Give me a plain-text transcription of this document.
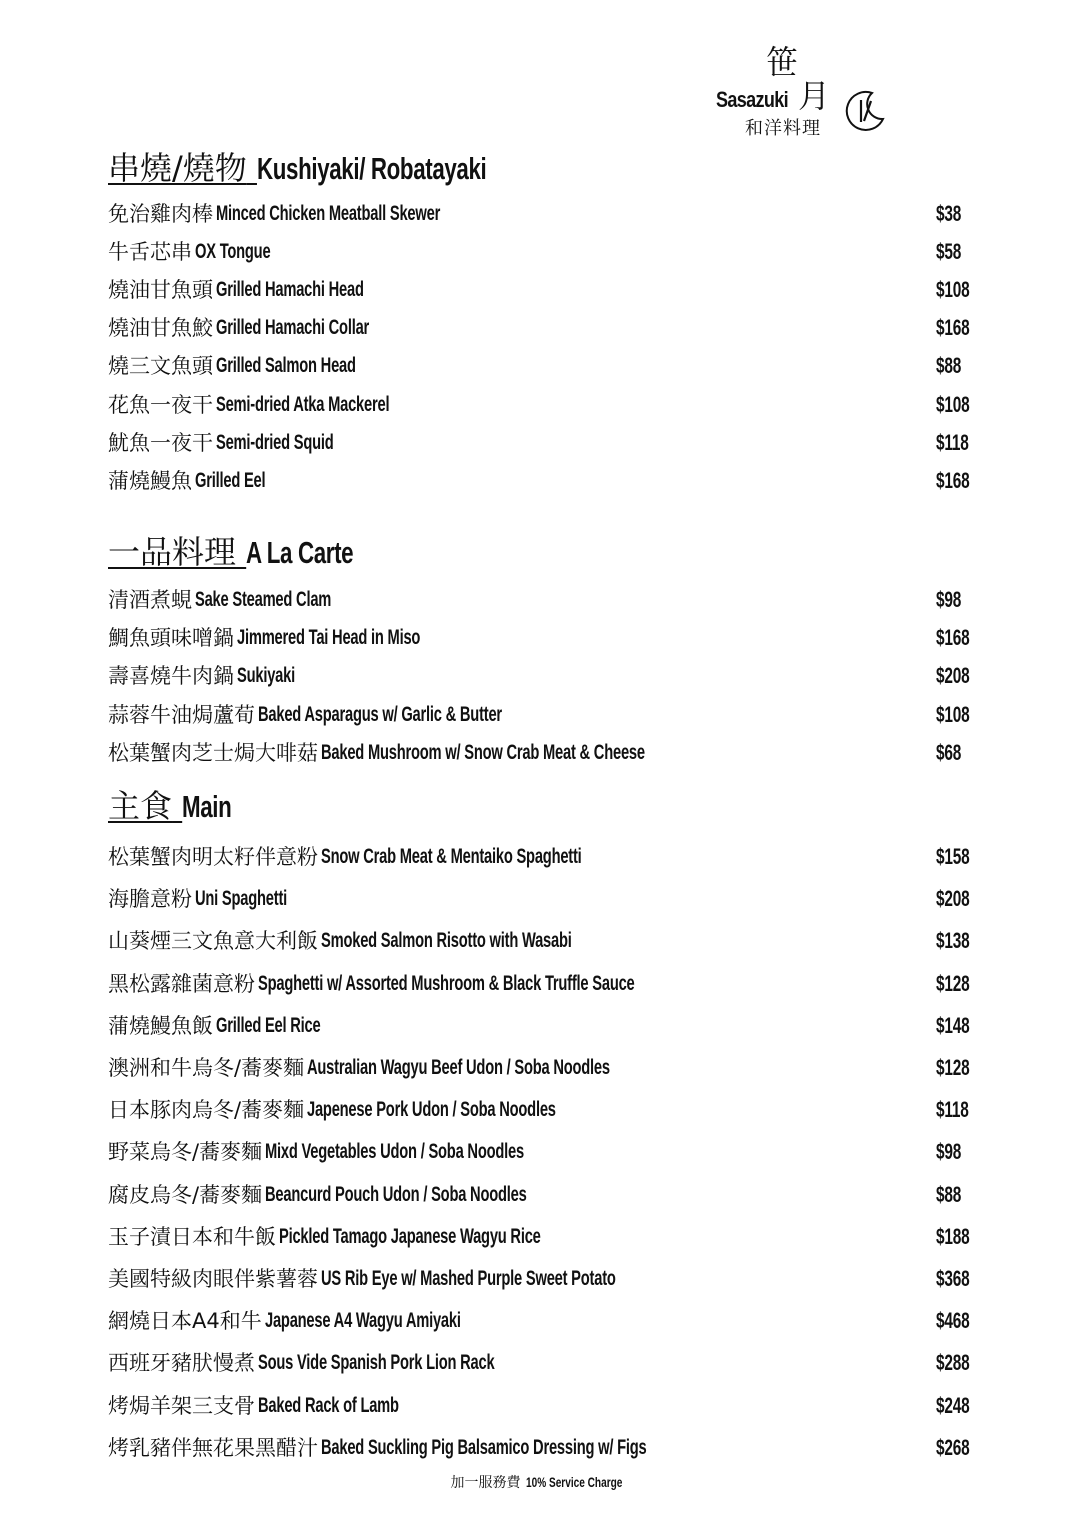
笹
Sasazuki 月
和洋料理
串燒/燒物 Kushiyaki/ Robatayaki
一品料理 A La Carte
主食 Main
加一服務費 10% Service Charge
免治雞肉棒 Minced Chicken Meatball Skewer	$38
牛舌芯串 OX Tongue	$58
燒油甘魚頭 Grilled Hamachi Head	$108
燒油甘魚鮫 Grilled Hamachi Collar	$168
燒三文魚頭 Grilled Salmon Head	$88
花魚一夜干 Semi-dried Atka Mackerel	$108
魷魚一夜干 Semi-dried Squid	$118
蒲燒鰻魚 Grilled Eel	$168
清酒煮蜆 Sake Steamed Clam	$98
鯛魚頭味噌鍋 Jimmered Tai Head in Miso	$168
壽喜燒牛肉鍋 Sukiyaki	$208
蒜蓉牛油焗蘆荀 Baked Asparagus w/ Garlic & Butter	$108
松葉蟹肉芝士焗大啡菇 Baked Mushroom w/ Snow Crab Meat & Cheese	$68
松葉蟹肉明太籽伴意粉 Snow Crab Meat & Mentaiko Spaghetti	$158
海膽意粉 Uni Spaghetti	$208
山葵煙三文魚意大利飯 Smoked Salmon Risotto with Wasabi	$138
黑松露雜菌意粉 Spaghetti w/ Assorted Mushroom & Black Truffle Sauce	$128
蒲燒鰻魚飯 Grilled Eel Rice	$148
澳洲和牛烏冬/蕎麥麵 Australian Wagyu Beef Udon / Soba Noodles	$128
日本豚肉烏冬/蕎麥麵 Japenese Pork Udon / Soba Noodles	$118
野菜烏冬/蕎麥麵 Mixd Vegetables Udon / Soba Noodles	$98
腐皮烏冬/蕎麥麵 Beancurd Pouch Udon / Soba Noodles	$88
玉子漬日本和牛飯 Pickled Tamago Japanese Wagyu Rice	$188
美國特級肉眼伴紫薯蓉 US Rib Eye w/ Mashed Purple Sweet Potato	$368
網燒日本A4和牛 Japanese A4 Wagyu Amiyaki	$468
西班牙豬肰慢煮 Sous Vide Spanish Pork Lion Rack	$288
烤焗羊架三支骨 Baked Rack of Lamb	$248
烤乳豬伴無花果黑醋汁 Baked Suckling Pig Balsamico Dressing w/ Figs	$268
